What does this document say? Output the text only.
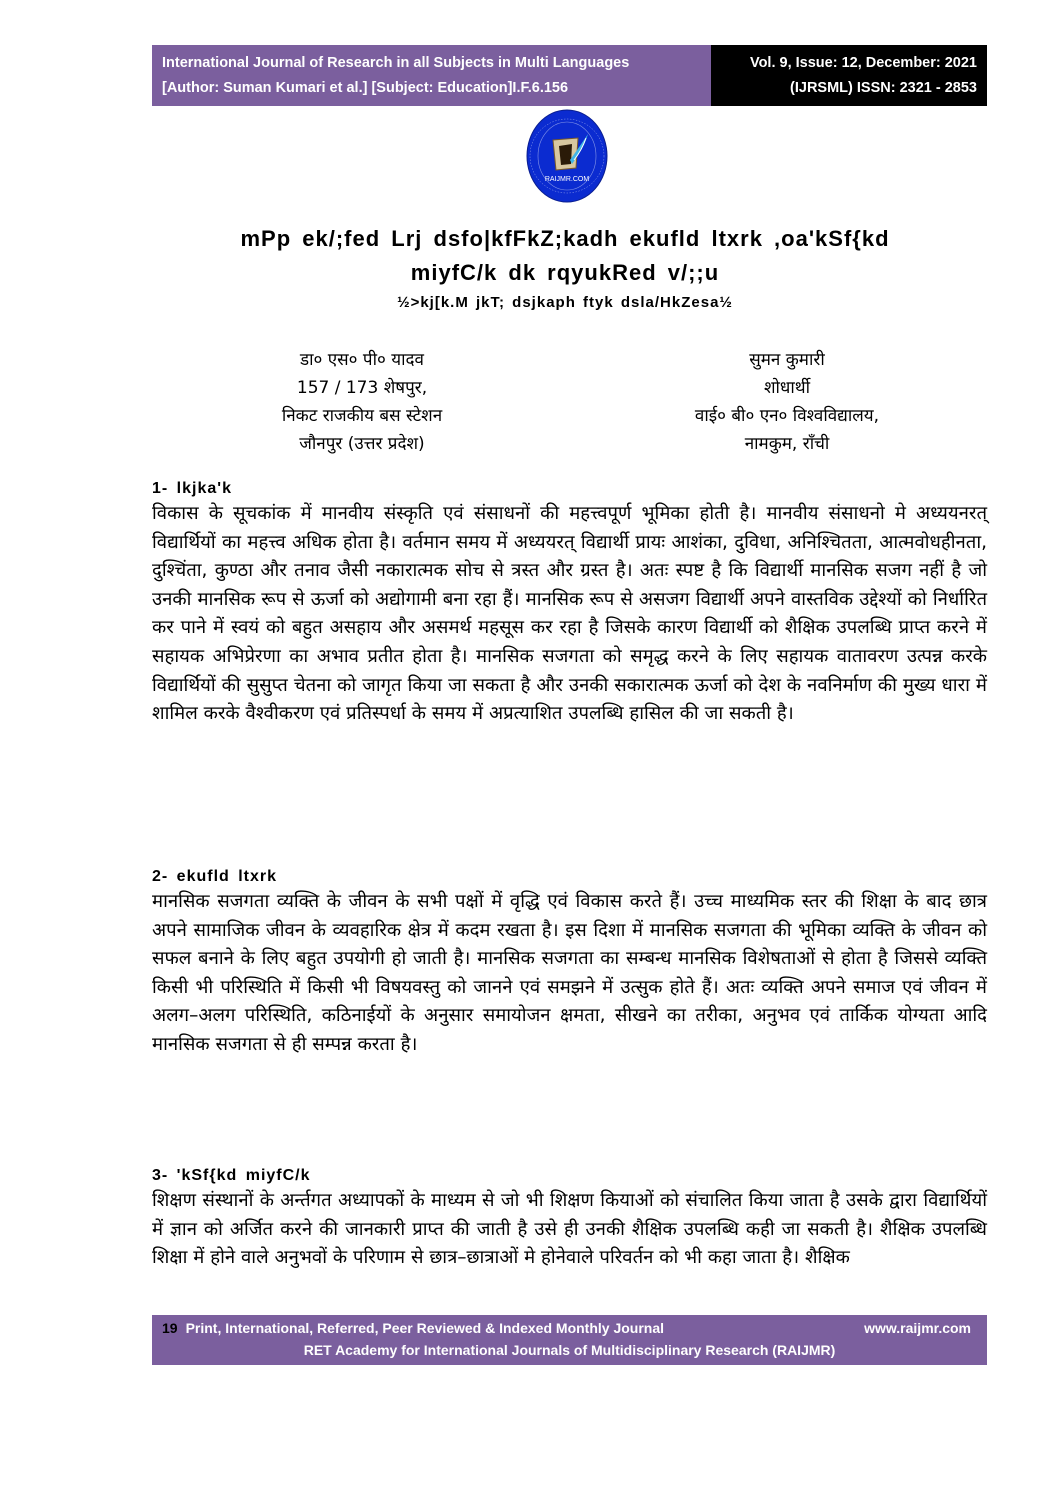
International Journal of Research in all Subjects in Multi Languages
[Author: Suman Kumari et al.] [Subject: Education]I.F.6.156
Vol. 9, Issue: 12, December: 2021
(IJRSML) ISSN: 2321 - 2853
RAIJMR.COM
mPp ek/;fed Lrj dsfo|kfFkZ;kadh ekufld ltxrk ,oa'kSf{kd
miyfC/k dk rqyukRed v/;;u
½>kj[k.M jkT; dsjkaph ftyk dsla/HkZesa½
डा० एस० पी० यादव
157 / 173 शेषपुर,
निकट राजकीय बस स्टेशन
जौनपुर (उत्तर प्रदेश)
सुमन कुमारी
शोधार्थी
वाई० बी० एन० विश्वविद्यालय,
नामकुम, राँची
1- lkjka'k
विकास के सूचकांक में मानवीय संस्कृति एवं संसाधनों की महत्त्वपूर्ण भूमिका होती है। मानवीय संसाधनो मे अध्ययनरत् विद्यार्थियों का महत्त्व अधिक होता है। वर्तमान समय में अध्ययरत् विद्यार्थी प्रायः आशंका, दुविधा, अनिश्चितता, आत्मवोधहीनता, दुश्चिंता, कुण्ठा और तनाव जैसी नकारात्मक सोच से त्रस्त और ग्रस्त है। अतः स्पष्ट है कि विद्यार्थी मानसिक सजग नहीं है जो उनकी मानसिक रूप से ऊर्जा को अद्योगामी बना रहा हैं। मानसिक रूप से असजग विद्यार्थी अपने वास्तविक उद्देश्यों को निर्धारित कर पाने में स्वयं को बहुत असहाय और असमर्थ महसूस कर रहा है जिसके कारण विद्यार्थी को शैक्षिक उपलब्धि प्राप्त करने में सहायक अभिप्रेरणा का अभाव प्रतीत होता है। मानसिक सजगता को समृद्ध करने के लिए सहायक वातावरण उत्पन्न करके विद्यार्थियों की सुसुप्त चेतना को जागृत किया जा सकता है और उनकी सकारात्मक ऊर्जा को देश के नवनिर्माण की मुख्य धारा में शामिल करके वैश्वीकरण एवं प्रतिस्पर्धा के समय में अप्रत्याशित उपलब्धि हासिल की जा सकती है।
2- ekufld ltxrk
मानसिक सजगता व्यक्ति के जीवन के सभी पक्षों में वृद्धि एवं विकास करते हैं। उच्च माध्यमिक स्तर की शिक्षा के बाद छात्र अपने सामाजिक जीवन के व्यवहारिक क्षेत्र में कदम रखता है। इस दिशा में मानसिक सजगता की भूमिका व्यक्ति के जीवन को सफल बनाने के लिए बहुत उपयोगी हो जाती है। मानसिक सजगता का सम्बन्ध मानसिक विशेषताओं से होता है जिससे व्यक्ति किसी भी परिस्थिति में किसी भी विषयवस्तु को जानने एवं समझने में उत्सुक होते हैं। अतः व्यक्ति अपने समाज एवं जीवन में अलग–अलग परिस्थिति, कठिनाईयों के अनुसार समायोजन क्षमता, सीखने का तरीका, अनुभव एवं तार्किक योग्यता आदि मानसिक सजगता से ही सम्पन्न करता है।
3- 'kSf{kd miyfC/k
शिक्षण संस्थानों के अर्न्तगत अध्यापकों के माध्यम से जो भी शिक्षण कियाओं को संचालित किया जाता है उसके द्वारा विद्यार्थियों में ज्ञान को अर्जित करने की जानकारी प्राप्त की जाती है उसे ही उनकी शैक्षिक उपलब्धि कही जा सकती है। शैक्षिक उपलब्धि शिक्षा में होने वाले अनुभवों के परिणाम से छात्र–छात्राओं मे होनेवाले परिवर्तन को भी कहा जाता है। शैक्षिक
19 Print, International, Referred, Peer Reviewed & Indexed Monthly Journal	www.raijmr.com
RET Academy for International Journals of Multidisciplinary Research (RAIJMR)
